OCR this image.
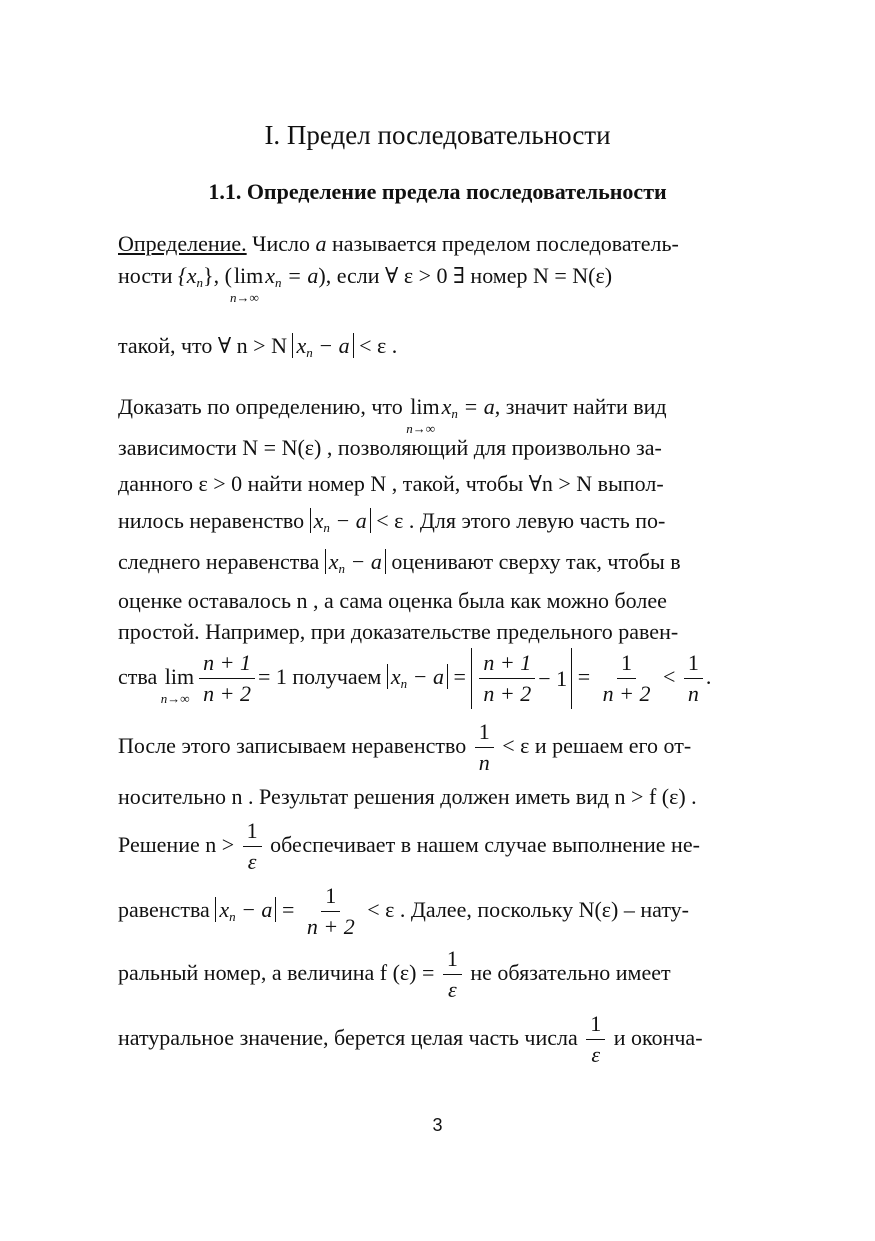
I. Предел последовательности
1.1. Определение предела последовательности
Определение. Число a называется пределом последователь-
ности $\{x_n\}$, (lim
n→∞
$x_n = a$), если ∀ ε > 0 ∃ номер N = N(ε)
такой, что ∀ n > N $x_n - a < \varepsilon$ .
Доказать по определению, что lim
n→∞
$x_n = a$, значит найти вид
зависимости N = N(ε) , позволяющий для произвольно за-
данного ε > 0 найти номер N , такой, чтобы ∀n > N выпол-
нилось неравенство $x_n - a < \varepsilon$ . Для этого левую часть по-
следнего неравенства $x_n - a$ оценивают сверху так, чтобы в
оценке оставалось n , а сама оценка была как можно более
простой. Например, при доказательстве предельного равен-
ства lim
$n\to\infty \frac{n + 1}{n + 2} = 1$ получаем $x_n - a = \frac{n + 1}{n + 2} - 1 = \frac{1}{n + 2} < \frac{1}{n}$ .
После этого записываем неравенство $\frac{1}{n} < \varepsilon$ и решаем его от-
носительно n . Результат решения должен иметь вид n > f (ε) .
Решение $n > \frac{1}{\varepsilon}$ обеспечивает в нашем случае выполнение не-
равенства $x_n - a = \frac{1}{n + 2} < \varepsilon$ . Далее, поскольку N(ε) – нату-
ральный номер, а величина f $(\varepsilon) = \frac{1}{\varepsilon}$ не обязательно имеет
натуральное значение, берется целая часть числа $\frac{1}{\varepsilon}$ и оконча-
3
